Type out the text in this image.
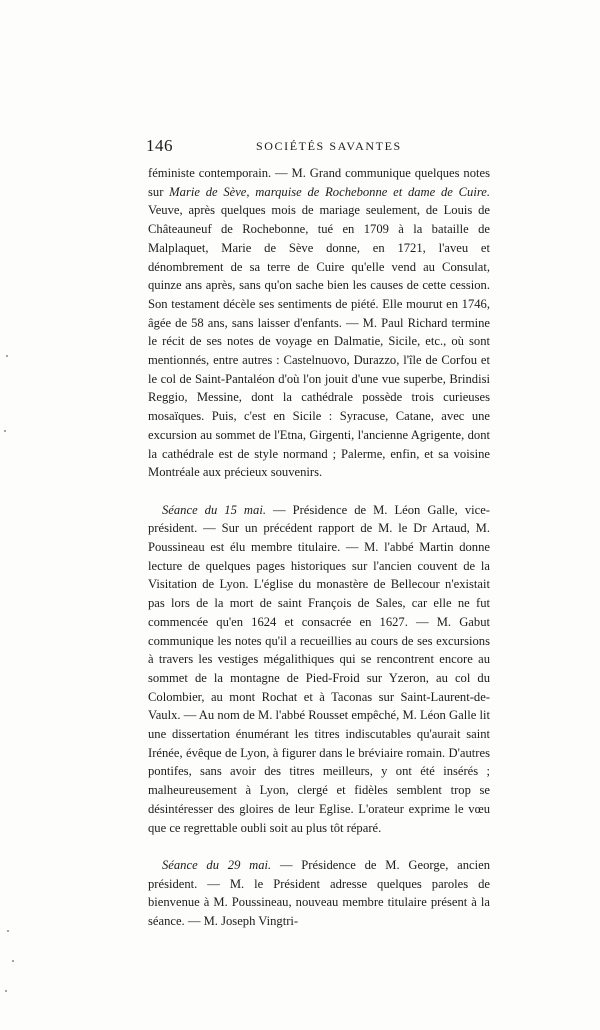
146	SOCIÉTÉS SAVANTES

féministe contemporain. — M. Grand communique quelques notes sur Marie de Sève, marquise de Rochebonne et dame de Cuire. Veuve, après quelques mois de mariage seulement, de Louis de Châteauneuf de Rochebonne, tué en 1709 à la bataille de Malplaquet, Marie de Sève donne, en 1721, l'aveu et dénombrement de sa terre de Cuire qu'elle vend au Consulat, quinze ans après, sans qu'on sache bien les causes de cette cession. Son testament décèle ses sentiments de piété. Elle mourut en 1746, âgée de 58 ans, sans laisser d'enfants. — M. Paul Richard termine le récit de ses notes de voyage en Dalmatie, Sicile, etc., où sont mentionnés, entre autres : Castelnuovo, Durazzo, l'île de Corfou et le col de Saint-Pantaléon d'où l'on jouit d'une vue superbe, Brindisi Reggio, Messine, dont la cathédrale possède trois curieuses mosaïques. Puis, c'est en Sicile : Syracuse, Catane, avec une excursion au sommet de l'Etna, Girgenti, l'ancienne Agrigente, dont la cathédrale est de style normand ; Palerme, enfin, et sa voisine Montréale aux précieux souvenirs.

Séance du 15 mai. — Présidence de M. Léon Galle, vice-président. — Sur un précédent rapport de M. le Dr Artaud, M. Poussineau est élu membre titulaire. — M. l'abbé Martin donne lecture de quelques pages historiques sur l'ancien couvent de la Visitation de Lyon. L'église du monastère de Bellecour n'existait pas lors de la mort de saint François de Sales, car elle ne fut commencée qu'en 1624 et consacrée en 1627. — M. Gabut communique les notes qu'il a recueillies au cours de ses excursions à travers les vestiges mégalithiques qui se rencontrent encore au sommet de la montagne de Pied-Froid sur Yzeron, au col du Colombier, au mont Rochat et à Taconas sur Saint-Laurent-de-Vaulx. — Au nom de M. l'abbé Rousset empêché, M. Léon Galle lit une dissertation énumérant les titres indiscutables qu'aurait saint Irénée, évêque de Lyon, à figurer dans le bréviaire romain. D'autres pontifes, sans avoir des titres meilleurs, y ont été insérés ; malheureusement à Lyon, clergé et fidèles semblent trop se désintéresser des gloires de leur Eglise. L'orateur exprime le vœu que ce regrettable oubli soit au plus tôt réparé.

Séance du 29 mai. — Présidence de M. George, ancien président. — M. le Président adresse quelques paroles de bienvenue à M. Poussineau, nouveau membre titulaire présent à la séance. — M. Joseph Vingtri-
